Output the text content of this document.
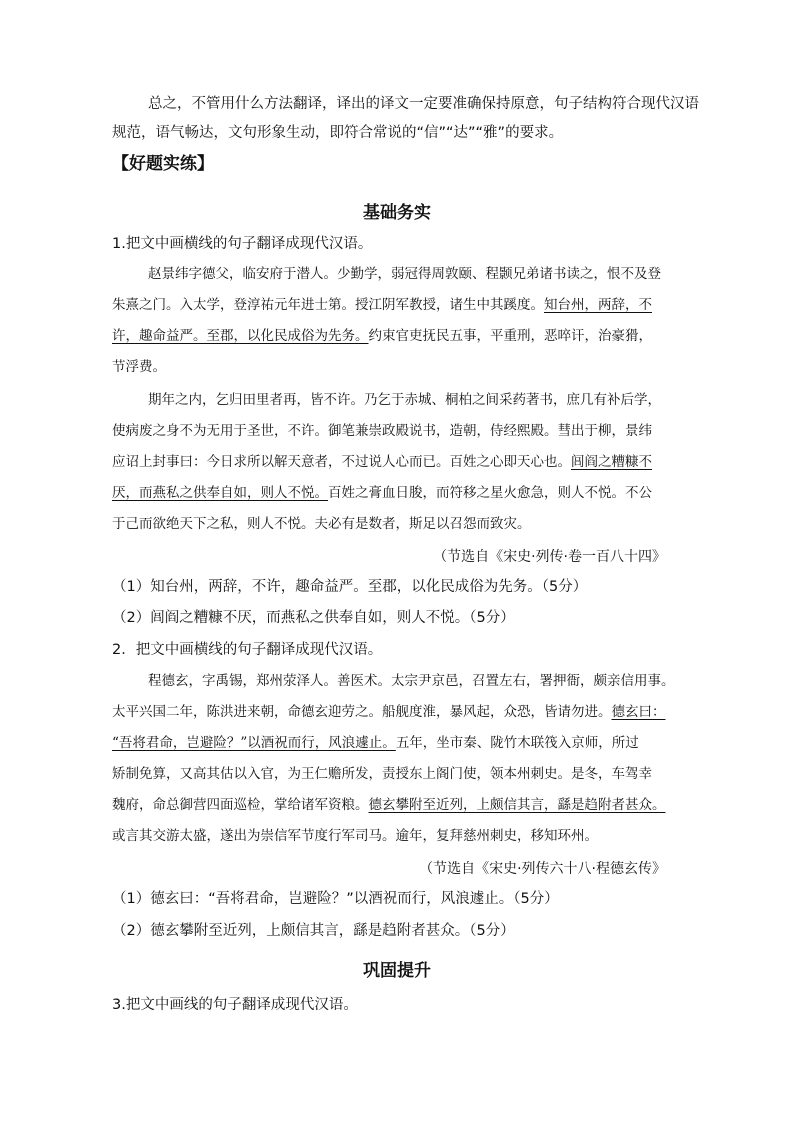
总之，不管用什么方法翻译，译出的译文一定要准确保持原意，句子结构符合现代汉语
规范，语气畅达，文句形象生动，即符合常说的“信”“达”“雅”的要求。
【好题实练】
基础务实
1.把文中画横线的句子翻译成现代汉语。
赵景纬字德父，临安府于潜人。少勤学，弱冠得周敦颐、程颢兄弟诸书读之，恨不及登
朱熹之门。入太学，登淳祐元年进士第。授江阴军教授，诸生中其蹊度。知台州，两辞，不
许，趣命益严。至郡，以化民成俗为先务。约束官吏抚民五事，平重刑，恶啐讦，治豪猾，
节浮费。
期年之内，乞归田里者再，皆不许。乃乞于赤城、桐柏之间采药著书，庶几有补后学，
使病废之身不为无用于圣世，不许。御笔兼崇政殿说书，造朝，侍经熙殿。彗出于柳，景纬
应诏上封事曰：今日求所以解天意者，不过说人心而已。百姓之心即天心也。闾阎之糟糠不
厌，而燕私之供奉自如，则人不悦。百姓之膏血日朘，而符移之星火愈急，则人不悦。不公
于己而欲绝天下之私，则人不悦。夫必有是数者，斯足以召怨而致灾。
（节选自《宋史·列传·卷一百八十四》
（1）知台州，两辞，不许，趣命益严。至郡，以化民成俗为先务。（5分）
（2）闾阎之糟糠不厌，而燕私之供奉自如，则人不悦。（5分）
2．把文中画横线的句子翻译成现代汉语。
程德玄，字禹锡，郑州荥泽人。善医术。太宗尹京邑，召置左右，署押衙，颇亲信用事。
太平兴国二年，陈洪进来朝，命德玄迎劳之。船舰度淮，暴风起，众恐，皆请勿进。德玄曰：
“吾将君命，岂避险？”以酒祝而行，风浪遽止。五年，坐市秦、陇竹木联筏入京师，所过
矫制免算，又高其估以入官，为王仁赡所发，责授东上阁门使，领本州刺史。是冬，车驾幸
魏府，命总御营四面巡检，掌给诸军资粮。德玄攀附至近列，上颇信其言，繇是趋附者甚众。
或言其交游太盛，遂出为崇信军节度行军司马。逾年，复拜慈州刺史，移知环州。
（节选自《宋史·列传六十八·程德玄传》
（1）德玄曰：“吾将君命，岂避险？”以酒祝而行，风浪遽止。（5分）
（2）德玄攀附至近列，上颇信其言，繇是趋附者甚众。（5分）
巩固提升
3.把文中画线的句子翻译成现代汉语。
